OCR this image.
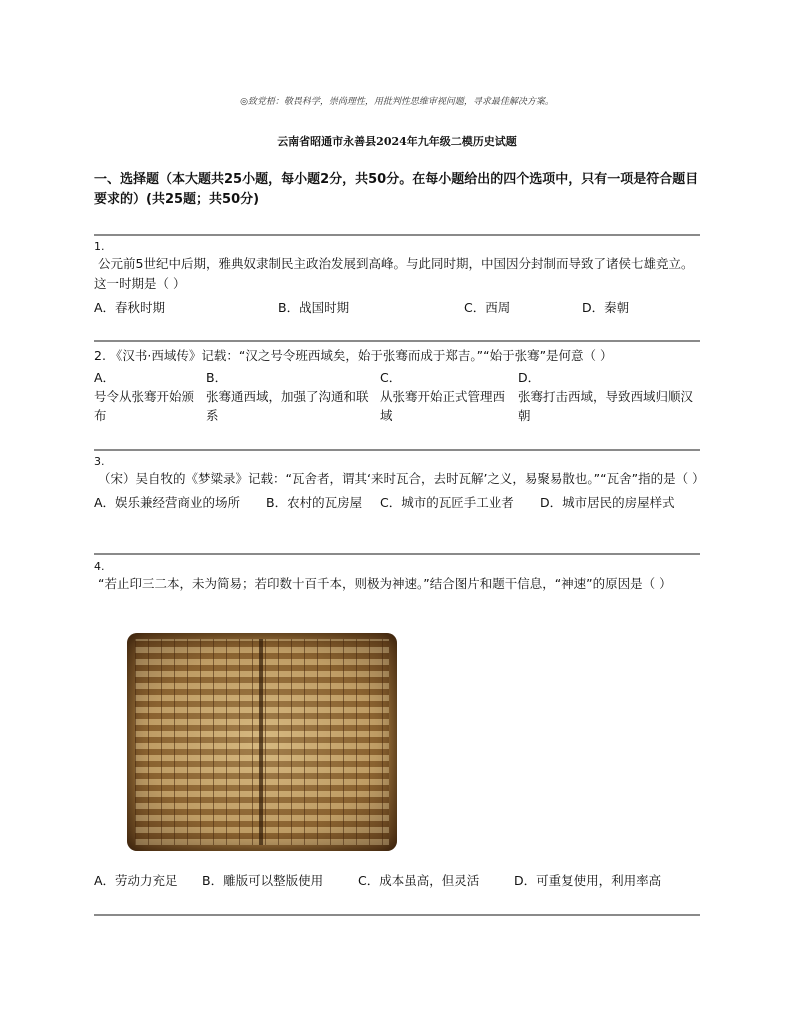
◎致党梧：敬畏科学，崇尚理性，用批判性思维审视问题，寻求最佳解决方案。
云南省昭通市永善县2024年九年级二模历史试题
一、选择题（本大题共25小题，每小题2分，共50分。在每小题给出的四个选项中，只有一项是符合题目要求的）(共25题；共50分)
1.

公元前5世纪中后期，雅典奴隶制民主政治发展到高峰。与此同时期，中国因分封制而导致了诸侯七雄竞立。这一时期是（ ）

A．春秋时期	B．战国时期	C．西周	D．秦朝

2. 《汉书·西域传》记载：“汉之号令班西域矣，始于张骞而成于郑吉。”“始于张骞”是何意（ ）

A．
号令从张骞开始颁布
B．
张骞通西域，加强了沟通和联系
C．
从张骞开始正式管理西域
D．
张骞打击西域，导致西域归顺汉朝
3.

（宋）吴自牧的《梦粱录》记载：“瓦舍者，谓其‘来时瓦合，去时瓦解’之义，易聚易散也。”“瓦舍”指的是（ ）

A．娱乐兼经营商业的场所	B．农村的瓦房屋	C．城市的瓦匠手工业者	D．城市居民的房屋样式
4.

“若止印三二本，未为简易；若印数十百千本，则极为神速。”结合图片和题干信息，“神速”的原因是（ ）

A．劳动力充足	B．雕版可以整版使用	C．成本虽高，但灵活	D．可重复使用，利用率高
